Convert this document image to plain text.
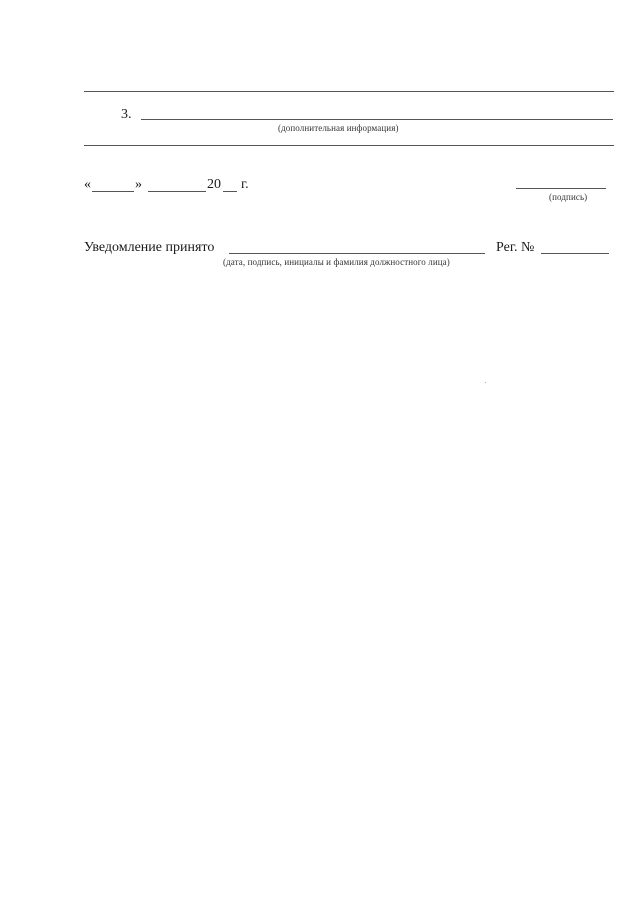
3.
(дополнительная информация)
«	»	20 г.
(подпись)
Уведомление принято
(дата, подпись, инициалы и фамилия должностного лица)
Рег. №
